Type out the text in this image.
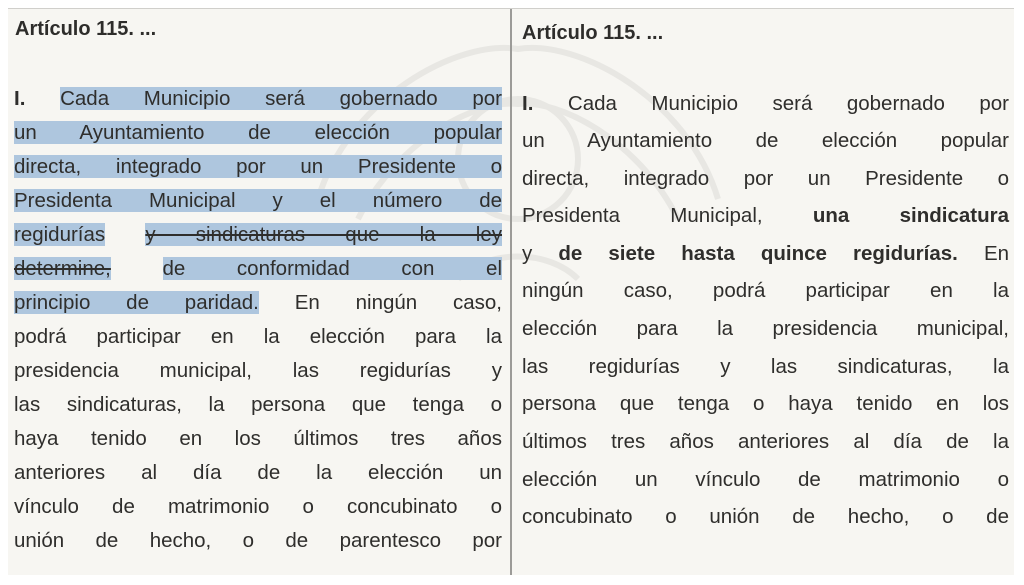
Artículo 115. ...
I. Cada Municipio será gobernado por
un Ayuntamiento de elección popular
directa, integrado por un Presidente o
Presidenta Municipal y el número de
regidurías y sindicaturas que la ley
determine,	de conformidad con el
principio de paridad. En ningún caso,
podrá participar en la elección para la
presidencia municipal, las regidurías y
las sindicaturas, la persona que tenga o
haya tenido en los últimos tres años
anteriores al día de la elección un
vínculo de matrimonio o concubinato o
unión de hecho, o de parentesco por
Artículo 115. ...
I. Cada Municipio será gobernado por
un Ayuntamiento de elección popular
directa, integrado por un Presidente o
Presidenta Municipal, una sindicatura
y de siete hasta quince regidurías. En
ningún caso, podrá participar en la
elección para la presidencia municipal,
las regidurías y las sindicaturas, la
persona que tenga o haya tenido en los
últimos tres años anteriores al día de la
elección un vínculo de matrimonio o
concubinato o unión de hecho, o de
